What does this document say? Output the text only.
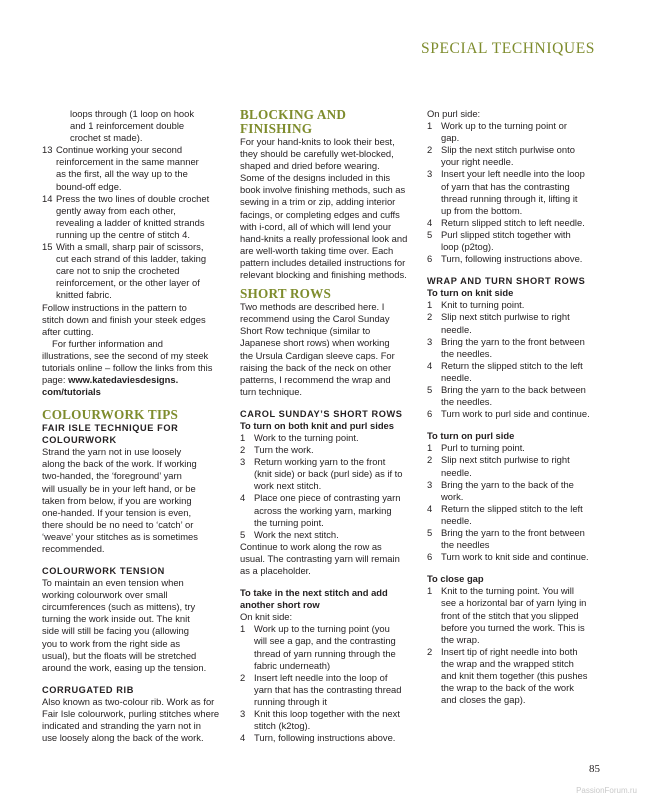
SPECIAL TECHNIQUES
loops through (1 loop on hook
and 1 reinforcement double
crochet st made).
13 Continue working your second
reinforcement in the same manner
as the first, all the way up to the
bound-off edge.
14 Press the two lines of double crochet
gently away from each other,
revealing a ladder of knitted strands
running up the centre of stitch 4.
15 With a small, sharp pair of scissors,
cut each strand of this ladder, taking
care not to snip the crocheted
reinforcement, or the other layer of
knitted fabric.

Follow instructions in the pattern to
stitch down and finish your steek edges
after cutting.

For further information and
illustrations, see the second of my steek
tutorials online – follow the links from this page: www.katedaviesdesigns.
com/tutorials
COLOURWORK TIPS
FAIR ISLE TECHNIQUE FOR
COLOURWORK

Strand the yarn not in use loosely
along the back of the work. If working
two-handed, the ‘foreground’ yarn
will usually be in your left hand, or be
taken from below, if you are working
one-handed. If your tension is even,
there should be no need to ‘catch’ or
‘weave’ your stitches as is sometimes
recommended.

COLOURWORK TENSION

To maintain an even tension when
working colourwork over small
circumferences (such as mittens), try
turning the work inside out. The knit
side will still be facing you (allowing
you to work from the right side as
usual), but the floats will be stretched
around the work, easing up the tension.

CORRUGATED RIB

Also known as two-colour rib. Work as for
Fair Isle colourwork, purling stitches where
indicated and stranding the yarn not in
use loosely along the back of the work.

BLOCKING AND FINISHING

For your hand-knits to look their best,
they should be carefully wet-blocked,
shaped and dried before wearing.
Some of the designs included in this
book involve finishing methods, such as
sewing in a trim or zip, adding interior
facings, or completing edges and cuffs
with i-cord, all of which will lend your
hand-knits a really professional look and
are well-worth taking time over. Each
pattern includes detailed instructions for
relevant blocking and finishing methods.

SHORT ROWS

Two methods are described here. I
recommend using the Carol Sunday
Short Row technique (similar to
Japanese short rows) when working
the Ursula Cardigan sleeve caps. For
raising the back of the neck on other
patterns, I recommend the wrap and
turn technique.

CAROL SUNDAY’S SHORT ROWS

To turn on both knit and purl sides

1 Work to the turning point.
2 Turn the work.
3 Return working yarn to the front
(knit side) or back (purl side) as if to
work next stitch.
4 Place one piece of contrasting yarn
across the working yarn, marking
the turning point.
5 Work the next stitch.

Continue to work along the row as
usual. The contrasting yarn will remain
as a placeholder.

To take in the next stitch and add
another short row

On knit side:

1 Work up to the turning point (you
will see a gap, and the contrasting
thread of yarn running through the
fabric underneath)
2 Insert left needle into the loop of
yarn that has the contrasting thread
running through it
3 Knit this loop together with the next
stitch (k2tog).
4 Turn, following instructions above.

On purl side:

1 Work up to the turning point or
gap.
2 Slip the next stitch purlwise onto
your right needle.
3 Insert your left needle into the loop
of yarn that has the contrasting
thread running through it, lifting it
up from the bottom.
4 Return slipped stitch to left needle.
5 Purl slipped stitch together with
loop (p2tog).
6 Turn, following instructions above.
WRAP AND TURN SHORT ROWS

To turn on knit side

1 Knit to turning point.
2 Slip next stitch purlwise to right
needle.
3 Bring the yarn to the front between
the needles.
4 Return the slipped stitch to the left
needle.
5 Bring the yarn to the back between
the needles.
6 Turn work to purl side and continue.

To turn on purl side

1 Purl to turning point.
2 Slip next stitch purlwise to right
needle.
3 Bring the yarn to the back of the
work.
4 Return the slipped stitch to the left
needle.
5 Bring the yarn to the front between
the needles
6 Turn work to knit side and continue.

To close gap

1 Knit to the turning point. You will
see a horizontal bar of yarn lying in
front of the stitch that you slipped
before you turned the work. This is
the wrap.
2 Insert tip of right needle into both
the wrap and the wrapped stitch
and knit them together (this pushes
the wrap to the back of the work
and closes the gap).
85
PassionForum.ru
